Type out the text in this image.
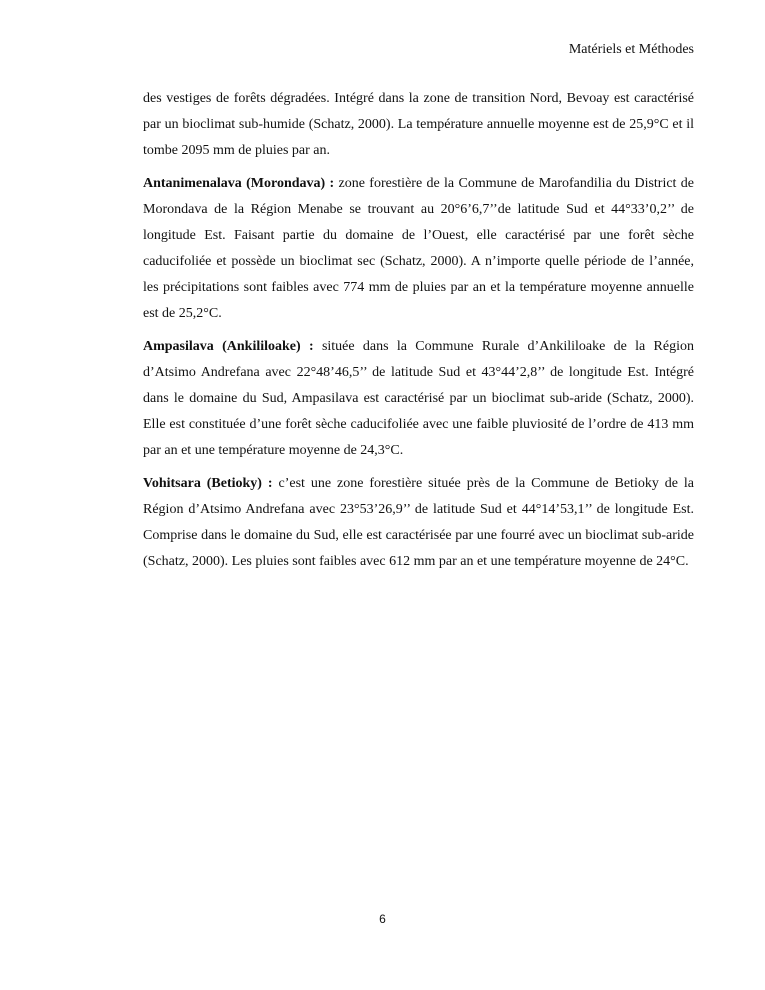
Matériels et Méthodes

des vestiges de forêts dégradées. Intégré dans la zone de transition Nord, Bevoay est caractérisé par un bioclimat sub-humide (Schatz, 2000). La température annuelle moyenne est de 25,9°C et il tombe 2095 mm de pluies par an.

Antanimenalava (Morondava) : zone forestière de la Commune de Marofandilia du District de Morondava de la Région Menabe se trouvant au 20°6’6,7’’de latitude Sud et 44°33’0,2’’ de longitude Est. Faisant partie du domaine de l’Ouest, elle caractérisé par une forêt sèche caducifoliée et possède un bioclimat sec (Schatz, 2000). A n’importe quelle période de l’année, les précipitations sont faibles avec 774 mm de pluies par an et la température moyenne annuelle est de 25,2°C.

Ampasilava (Ankililoake) : située dans la Commune Rurale d’Ankililoake de la Région d’Atsimo Andrefana avec 22°48’46,5’’ de latitude Sud et 43°44’2,8’’ de longitude Est. Intégré dans le domaine du Sud, Ampasilava est caractérisé par un bioclimat sub-aride (Schatz, 2000). Elle est constituée d’une forêt sèche caducifoliée avec une faible pluviosité de l’ordre de 413 mm par an et une température moyenne de 24,3°C.

Vohitsara (Betioky) : c’est une zone forestière située près de la Commune de Betioky de la Région d’Atsimo Andrefana avec 23°53’26,9’’ de latitude Sud et 44°14’53,1’’ de longitude Est. Comprise dans le domaine du Sud, elle est caractérisée par une fourré avec un bioclimat sub-aride (Schatz, 2000). Les pluies sont faibles avec 612 mm par an et une température moyenne de 24°C.

6
